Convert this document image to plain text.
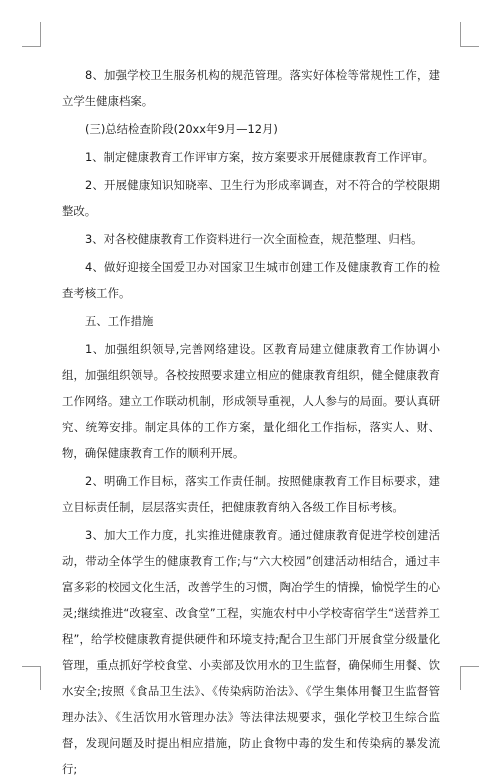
8、加强学校卫生服务机构的规范管理。落实好体检等常规性工作，建立学生健康档案。

(三)总结检查阶段(20xx年9月—12月)

1、制定健康教育工作评审方案，按方案要求开展健康教育工作评审。

2、开展健康知识知晓率、卫生行为形成率调查，对不符合的学校限期整改。

3、对各校健康教育工作资料进行一次全面检查，规范整理、归档。

4、做好迎接全国爱卫办对国家卫生城市创建工作及健康教育工作的检查考核工作。

五、工作措施

1、加强组织领导,完善网络建设。区教育局建立健康教育工作协调小组，加强组织领导。各校按照要求建立相应的健康教育组织，健全健康教育工作网络。建立工作联动机制，形成领导重视，人人参与的局面。要认真研究、统筹安排。制定具体的工作方案，量化细化工作指标，落实人、财、物，确保健康教育工作的顺利开展。

2、明确工作目标，落实工作责任制。按照健康教育工作目标要求，建立目标责任制，层层落实责任，把健康教育纳入各级工作目标考核。

3、加大工作力度，扎实推进健康教育。通过健康教育促进学校创建活动，带动全体学生的健康教育工作;与“六大校园”创建活动相结合，通过丰富多彩的校园文化生活，改善学生的习惯，陶冶学生的情操，愉悦学生的心灵;继续推进“改寝室、改食堂”工程，实施农村中小学校寄宿学生“送营养工程”，给学校健康教育提供硬件和环境支持;配合卫生部门开展食堂分级量化管理，重点抓好学校食堂、小卖部及饮用水的卫生监督，确保师生用餐、饮水安全;按照《食品卫生法》、《传染病防治法》、《学生集体用餐卫生监督管理办法》、《生活饮用水管理办法》等法律法规要求，强化学校卫生综合监督，发现问题及时提出相应措施，防止食物中毒的发生和传染病的暴发流行;
